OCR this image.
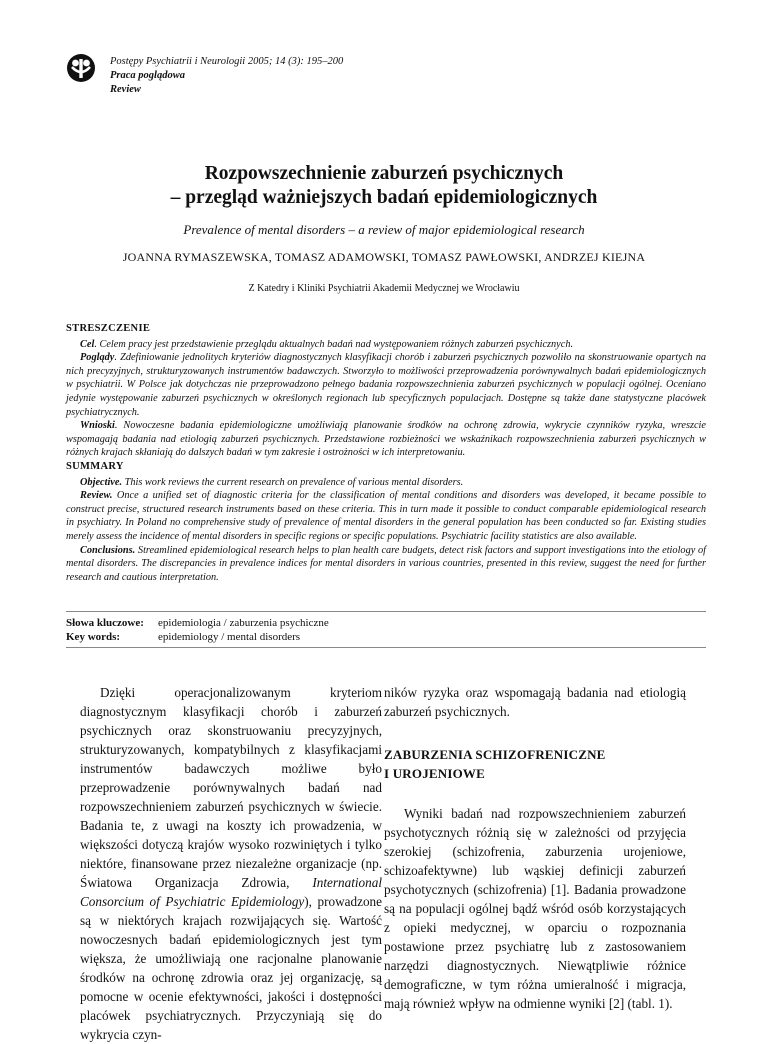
Postępy Psychiatrii i Neurologii 2005; 14 (3): 195–200
Praca poglądowa
Review
Rozpowszechnienie zaburzeń psychicznych
– przegląd ważniejszych badań epidemiologicznych
Prevalence of mental disorders – a review of major epidemiological research
JOANNA RYMASZEWSKA, TOMASZ ADAMOWSKI, TOMASZ PAWŁOWSKI, ANDRZEJ KIEJNA
Z Katedry i Kliniki Psychiatrii Akademii Medycznej we Wrocławiu
STRESZCZENIE

Cel. Celem pracy jest przedstawienie przeglądu aktualnych badań nad występowaniem różnych zaburzeń psychicznych.

Poglądy. Zdefiniowanie jednolitych kryteriów diagnostycznych klasyfikacji chorób i zaburzeń psychicznych pozwoliło na skonstruowanie opartych na nich precyzyjnych, strukturyzowanych instrumentów badawczych. Stworzyło to możliwości przeprowadzenia porównywalnych badań epidemiologicznych w psychiatrii. W Polsce jak dotychczas nie przeprowadzono pełnego badania rozpowszechnienia zaburzeń psychicznych w populacji ogólnej. Oceniano jedynie występowanie zaburzeń psychicznych w określonych regionach lub specyficznych populacjach. Dostępne są także dane statystyczne placówek psychiatrycznych.

Wnioski. Nowoczesne badania epidemiologiczne umożliwiają planowanie środków na ochronę zdrowia, wykrycie czynników ryzyka, wreszcie wspomagają badania nad etiologią zaburzeń psychicznych. Przedstawione rozbieżności we wskaźnikach rozpowszechnienia zaburzeń psychicznych w różnych krajach skłaniają do dalszych badań w tym zakresie i ostrożności w ich interpretowaniu.

SUMMARY

Objective. This work reviews the current research on prevalence of various mental disorders.

Review. Once a unified set of diagnostic criteria for the classification of mental conditions and disorders was developed, it became possible to construct precise, structured research instruments based on these criteria. This in turn made it possible to conduct comparable epidemiological research in psychiatry. In Poland no comprehensive study of prevalence of mental disorders in the general population has been conducted so far. Existing studies merely assess the incidence of mental disorders in specific regions or specific populations. Psychiatric facility statistics are also available.

Conclusions. Streamlined epidemiological research helps to plan health care budgets, detect risk factors and support investigations into the etiology of mental disorders. The discrepancies in prevalence indices for mental disorders in various countries, presented in this review, suggest the need for further research and cautious interpretation.

Słowa kluczowe:	epidemiologia / zaburzenia psychiczne
Key words:	epidemiology / mental disorders

Dzięki operacjonalizowanym kryteriom diagnostycznym klasyfikacji chorób i zaburzeń psychicznych oraz skonstruowaniu precyzyjnych, strukturyzowanych, kompatybilnych z klasyfikacjami instrumentów badawczych możliwe było przeprowadzenie porównywalnych badań nad rozpowszechnieniem zaburzeń psychicznych w świecie. Badania te, z uwagi na koszty ich prowadzenia, w większości dotyczą krajów wysoko rozwiniętych i tylko niektóre, finansowane przez niezależne organizacje (np. Światowa Organizacja Zdrowia, International Consorcium of Psychiatric Epidemiology), prowadzone są w niektórych krajach rozwijających się. Wartość nowoczesnych badań epidemiologicznych jest tym większa, że umożliwiają one racjonalne planowanie środków na ochronę zdrowia oraz jej organizację, są pomocne w ocenie efektywności, jakości i dostępności placówek psychiatrycznych. Przyczyniają się do wykrycia czyn-

ników ryzyka oraz wspomagają badania nad etiologią zaburzeń psychicznych.

ZABURZENIA SCHIZOFRENICZNE
I UROJENIOWE

Wyniki badań nad rozpowszechnieniem zaburzeń psychotycznych różnią się w zależności od przyjęcia szerokiej (schizofrenia, zaburzenia urojeniowe, schizoafektywne) lub wąskiej definicji zaburzeń psychotycznych (schizofrenia) [1]. Badania prowadzone są na populacji ogólnej bądź wśród osób korzystających z opieki medycznej, w oparciu o rozpoznania postawione przez psychiatrę lub z zastosowaniem narzędzi diagnostycznych. Niewątpliwie różnice demograficzne, w tym różna umieralność i migracja, mają również wpływ na odmienne wyniki [2] (tabl. 1).
